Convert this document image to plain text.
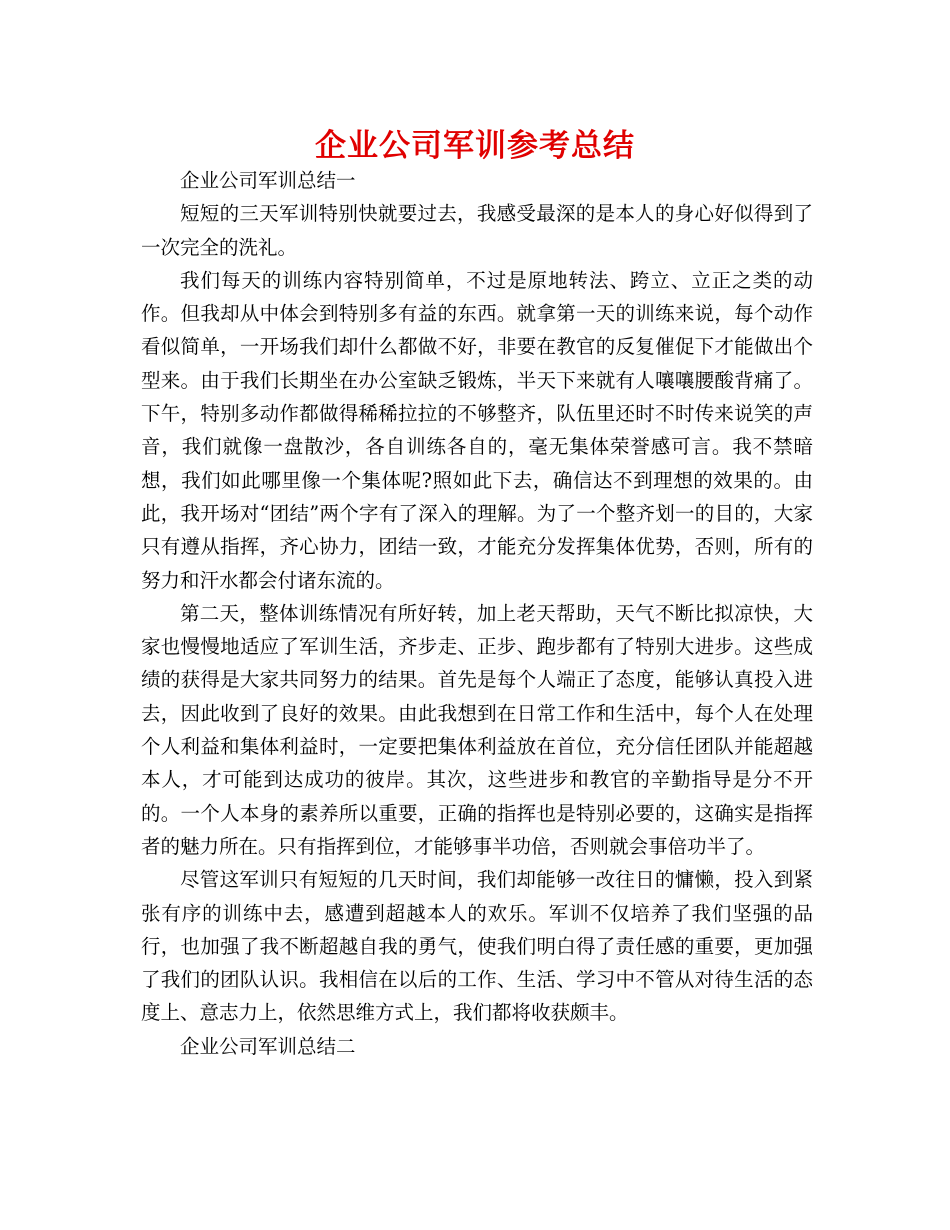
企业公司军训参考总结

企业公司军训总结一

短短的三天军训特别快就要过去，我感受最深的是本人的身心好似得到了一次完全的洗礼。

我们每天的训练内容特别简单，不过是原地转法、跨立、立正之类的动作。但我却从中体会到特别多有益的东西。就拿第一天的训练来说，每个动作看似简单，一开场我们却什么都做不好，非要在教官的反复催促下才能做出个型来。由于我们长期坐在办公室缺乏锻炼，半天下来就有人嚷嚷腰酸背痛了。下午，特别多动作都做得稀稀拉拉的不够整齐，队伍里还时不时传来说笑的声音，我们就像一盘散沙，各自训练各自的，毫无集体荣誉感可言。我不禁暗想，我们如此哪里像一个集体呢?照如此下去，确信达不到理想的效果的。由此，我开场对“团结”两个字有了深入的理解。为了一个整齐划一的目的，大家只有遵从指挥，齐心协力，团结一致，才能充分发挥集体优势，否则，所有的努力和汗水都会付诸东流的。

第二天，整体训练情况有所好转，加上老天帮助，天气不断比拟凉快，大家也慢慢地适应了军训生活，齐步走、正步、跑步都有了特别大进步。这些成绩的获得是大家共同努力的结果。首先是每个人端正了态度，能够认真投入进去，因此收到了良好的效果。由此我想到在日常工作和生活中，每个人在处理个人利益和集体利益时，一定要把集体利益放在首位，充分信任团队并能超越本人，才可能到达成功的彼岸。其次，这些进步和教官的辛勤指导是分不开的。一个人本身的素养所以重要，正确的指挥也是特别必要的，这确实是指挥者的魅力所在。只有指挥到位，才能够事半功倍，否则就会事倍功半了。

尽管这军训只有短短的几天时间，我们却能够一改往日的慵懒，投入到紧张有序的训练中去，感遭到超越本人的欢乐。军训不仅培养了我们坚强的品行，也加强了我不断超越自我的勇气，使我们明白得了责任感的重要，更加强了我们的团队认识。我相信在以后的工作、生活、学习中不管从对待生活的态度上、意志力上，依然思维方式上，我们都将收获颇丰。

企业公司军训总结二
